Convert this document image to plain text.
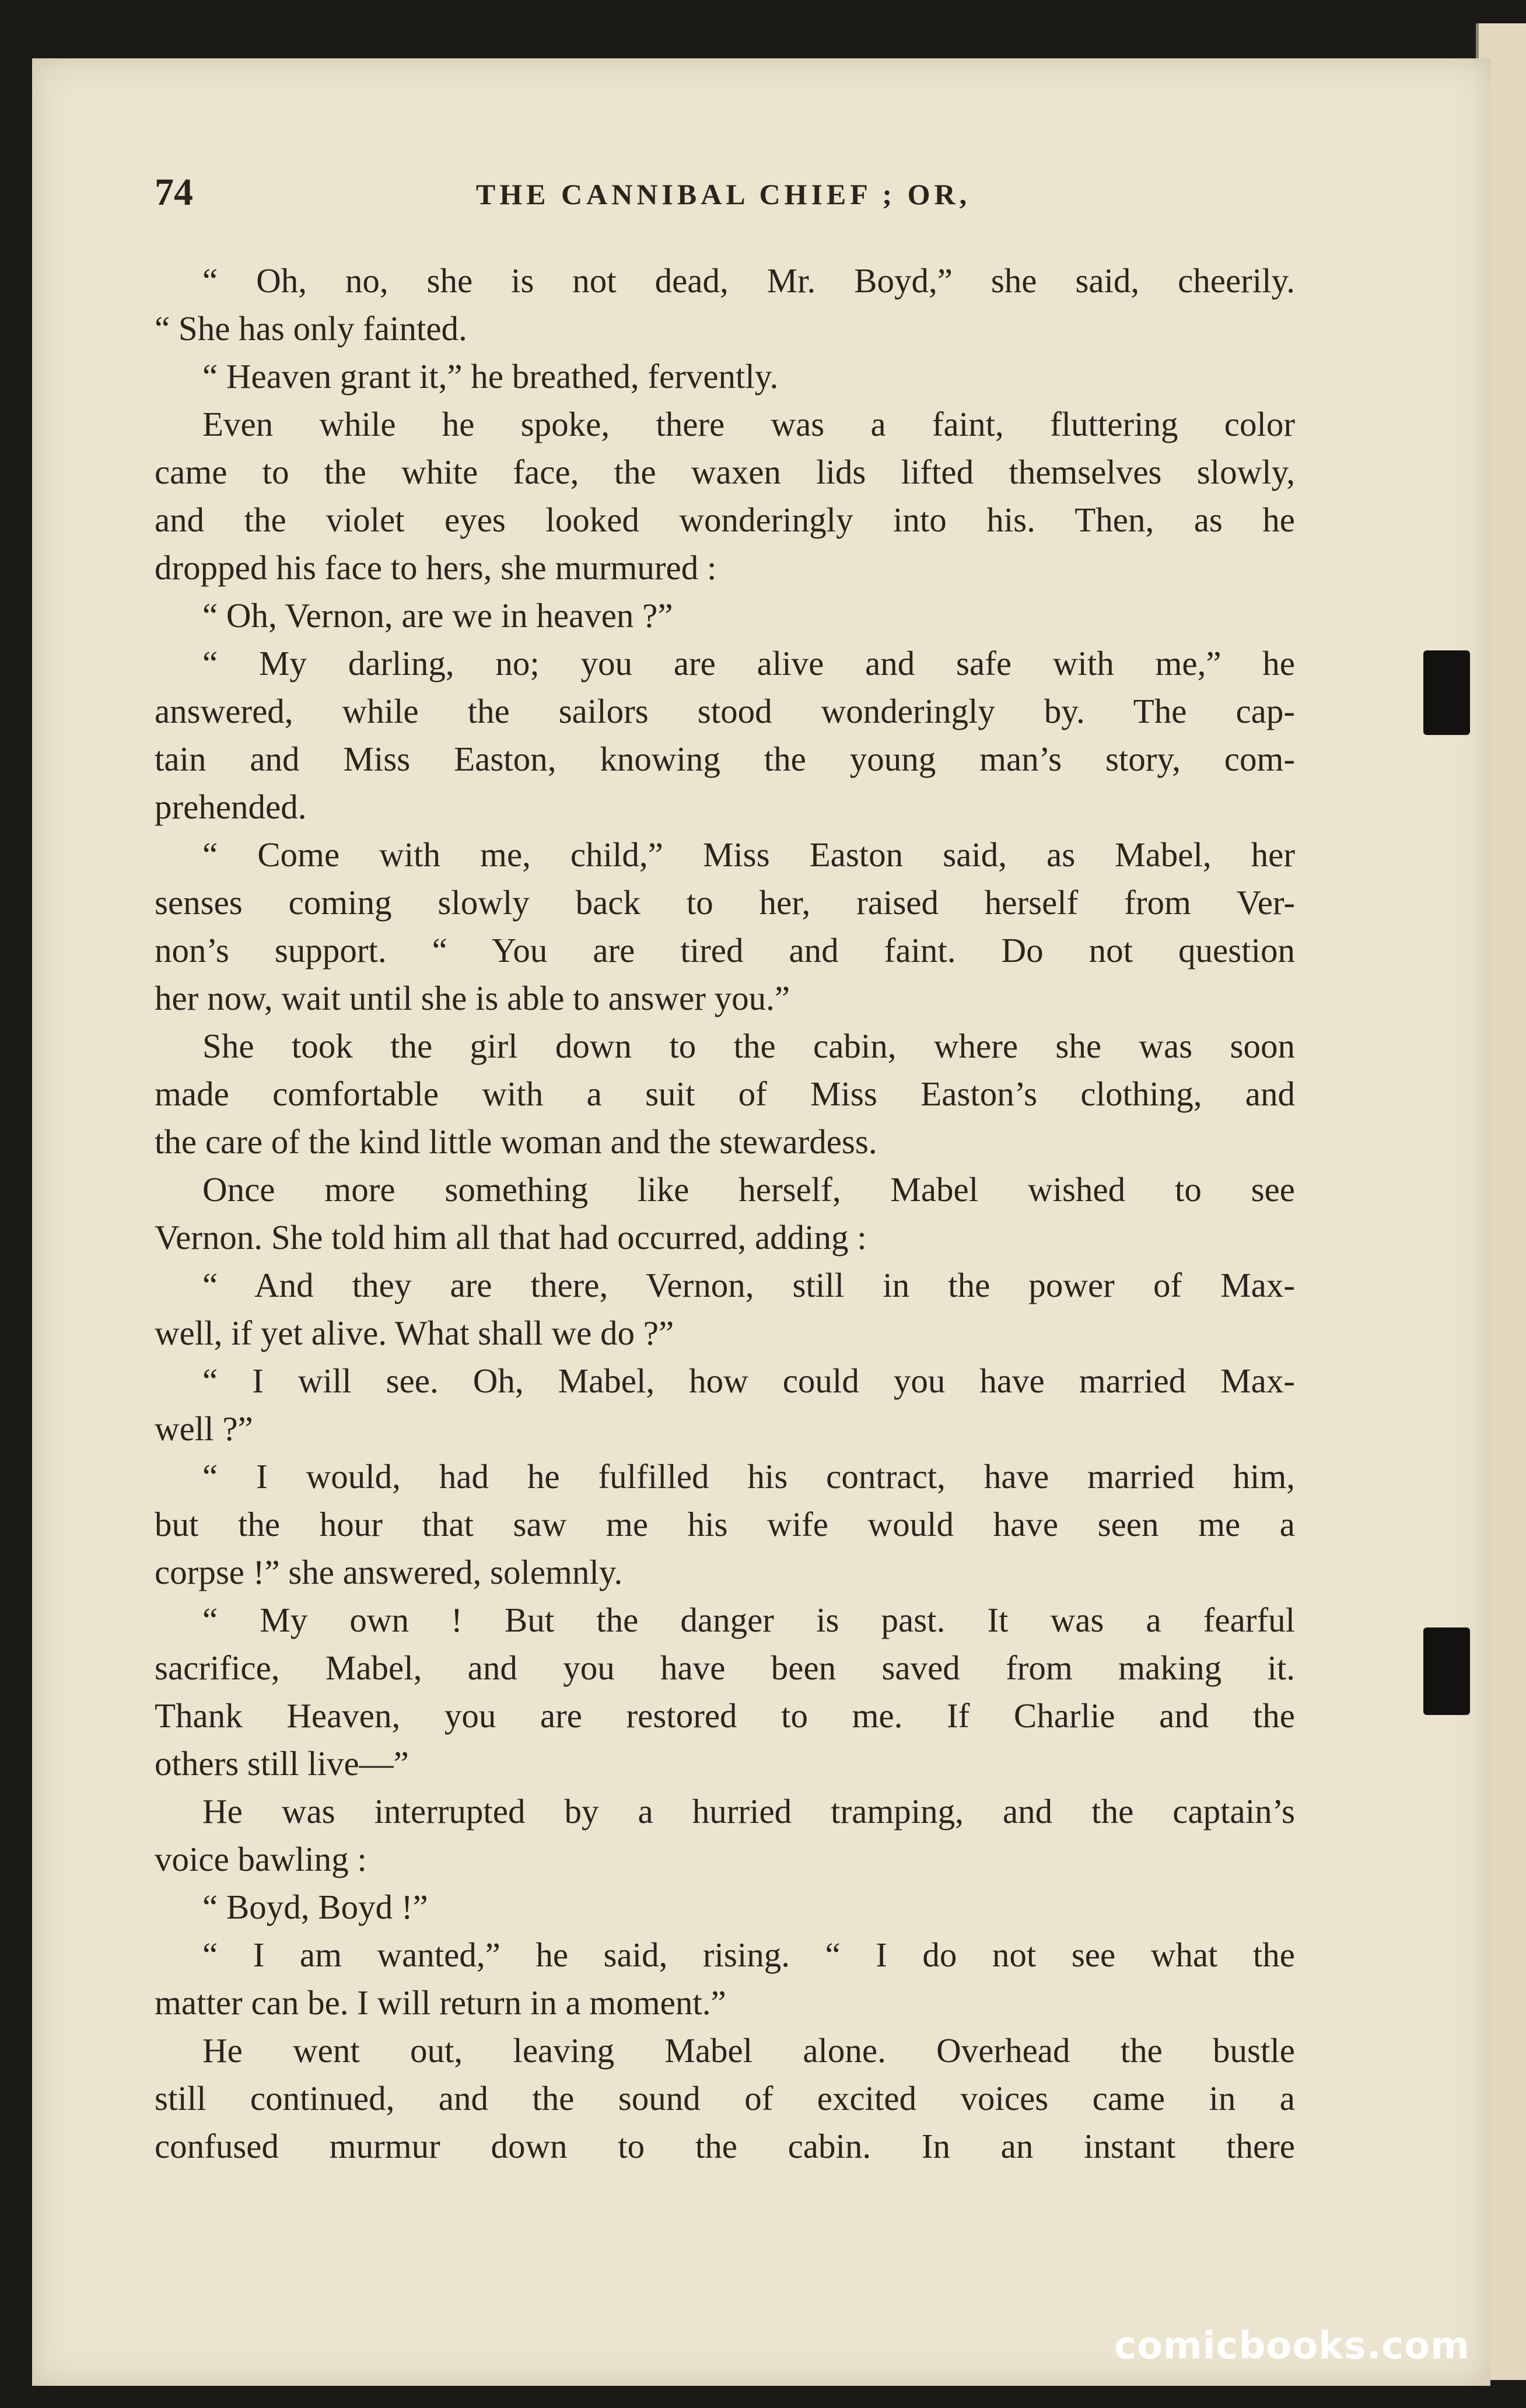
74	THE CANNIBAL CHIEF ; OR,
“ Oh, no, she is not dead, Mr. Boyd,” she said, cheerily.
“ She has only fainted.
“ Heaven grant it,” he breathed, fervently.
Even while he spoke, there was a faint, fluttering color
came to the white face, the waxen lids lifted themselves slowly,
and the violet eyes looked wonderingly into his. Then, as he
dropped his face to hers, she murmured :
“ Oh, Vernon, are we in heaven ?”
“ My darling, no; you are alive and safe with me,” he
answered, while the sailors stood wonderingly by. The cap-
tain and Miss Easton, knowing the young man’s story, com-
prehended.
“ Come with me, child,” Miss Easton said, as Mabel, her
senses coming slowly back to her, raised herself from Ver-
non’s support. “ You are tired and faint. Do not question
her now, wait until she is able to answer you.”
She took the girl down to the cabin, where she was soon
made comfortable with a suit of Miss Easton’s clothing, and
the care of the kind little woman and the stewardess.
Once more something like herself, Mabel wished to see
Vernon. She told him all that had occurred, adding :
“ And they are there, Vernon, still in the power of Max-
well, if yet alive. What shall we do ?”
“ I will see. Oh, Mabel, how could you have married Max-
well ?”
“ I would, had he fulfilled his contract, have married him,
but the hour that saw me his wife would have seen me a
corpse !” she answered, solemnly.
“ My own ! But the danger is past. It was a fearful
sacrifice, Mabel, and you have been saved from making it.
Thank Heaven, you are restored to me. If Charlie and the
others still live—”
He was interrupted by a hurried tramping, and the captain’s
voice bawling :
“ Boyd, Boyd !”
“ I am wanted,” he said, rising. “ I do not see what the
matter can be. I will return in a moment.”
He went out, leaving Mabel alone. Overhead the bustle
still continued, and the sound of excited voices came in a
confused murmur down to the cabin. In an instant there
comicbooks.com
